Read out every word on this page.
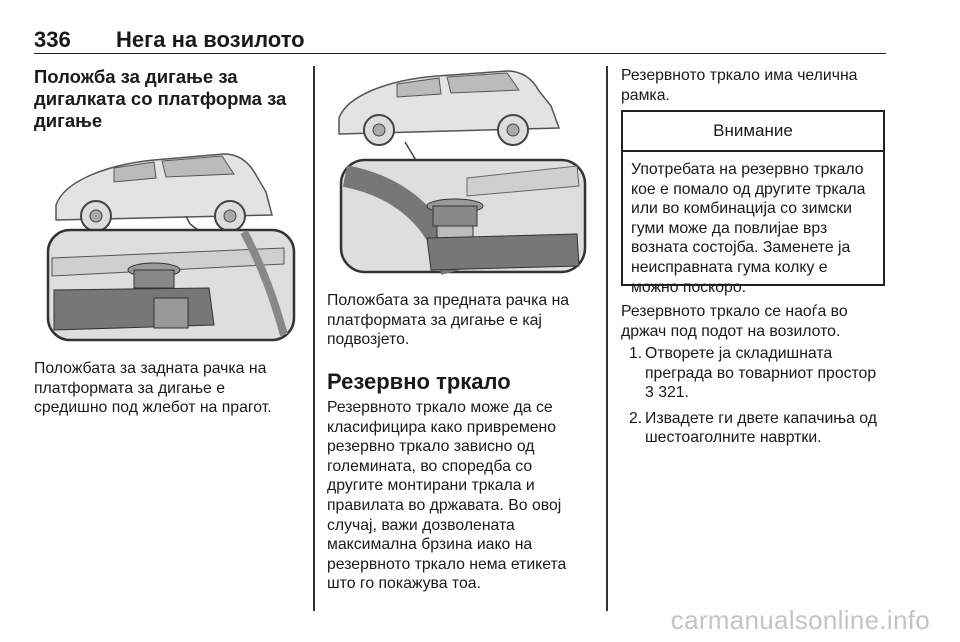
336 Нега на возилото
Положба за дигање за дигалката со платформа за дигање

Положбата за задната рачка на
платформата за дигање е
средишно под жлебот на прагот.

Положбата за предната рачка на
платформата за дигање е кај
подвозјето.

Резервно тркало

Резервното тркало може да се
класифицира како привремено
резервно тркало зависно од
големината, во споредба со
другите монтирани тркала и
правилата во државата. Во овој
случај, важи дозволената
максимална брзина иако на
резервното тркало нема етикета
што го покажува тоа.

Резервното тркало има челична
рамка.

Внимание
Употребата на резервно тркало
кое е помало од другите тркала
или во комбинација со зимски
гуми може да повлијае врз
возната состојба. Заменете ја
неисправната гума колку е
можно поскоро.

Резервното тркало се наоѓа во
држач под подот на возилото.

1. Отворете ја складишната
преграда во товарниот простор
3 321.
2. Извадете ги двете капачиња од
шестоаголните навртки.
carmanualsonline.info
